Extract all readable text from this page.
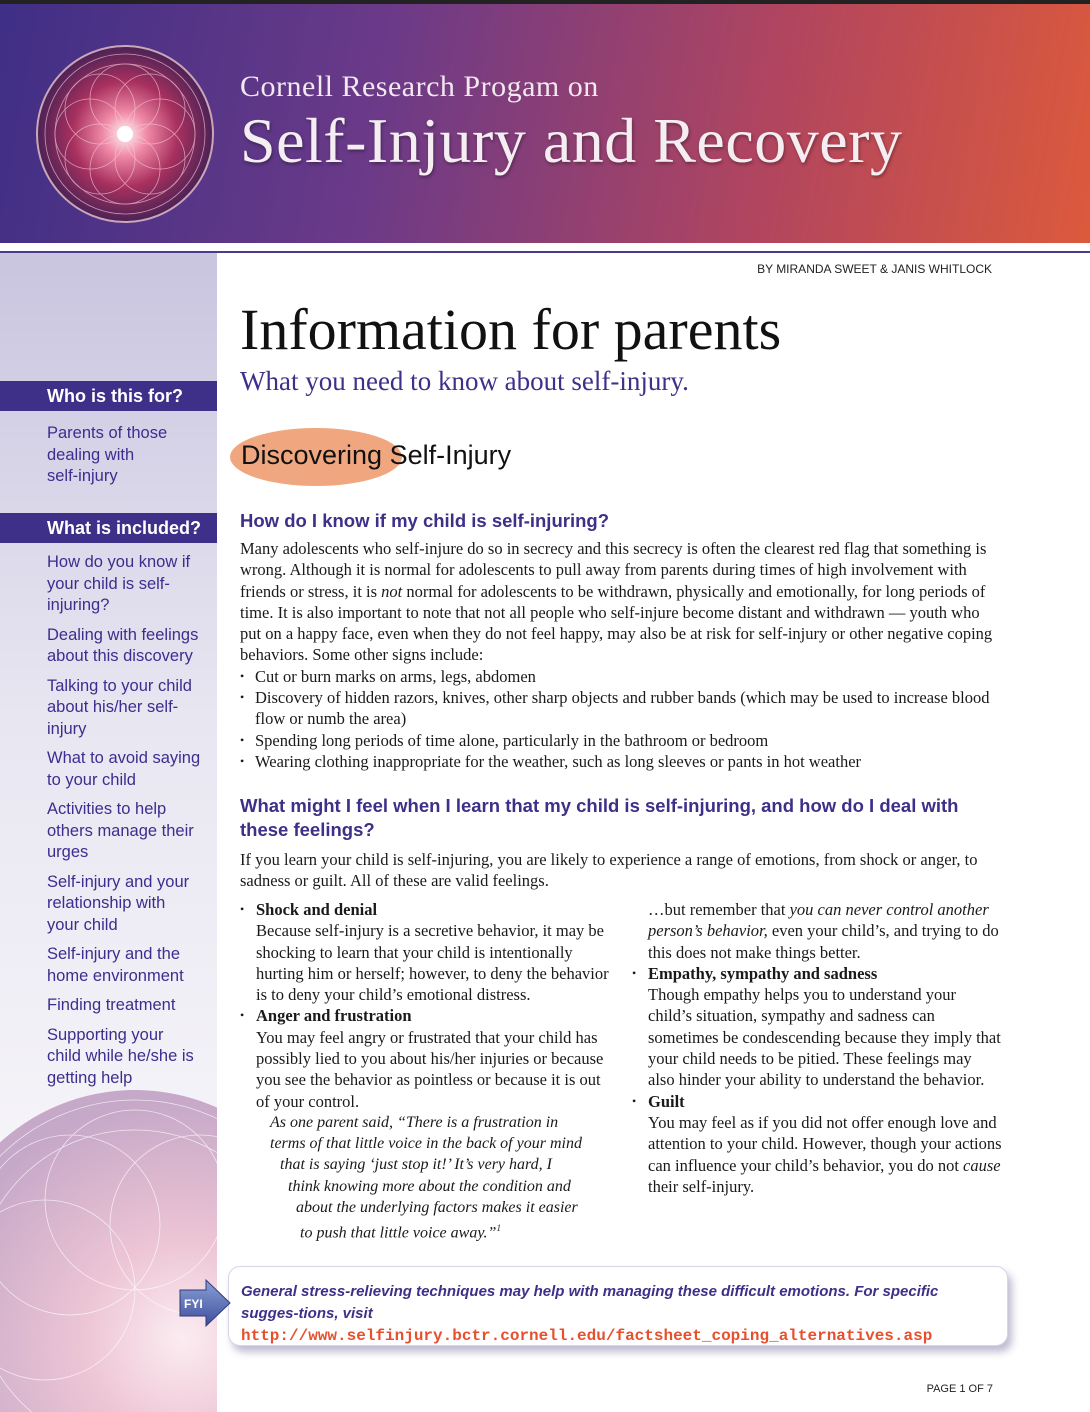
Cornell Research Progam on
Self-Injury and Recovery
Who is this for?
Parents of those
dealing with
self-injury
What is included?
How do you know if
your child is self-
injuring?
Dealing with feelings
about this discovery
Talking to your child
about his/her self-
injury
What to avoid saying
to your child
Activities to help
others manage their
urges
Self-injury and your
relationship with
your child
Self-injury and the
home environment
Finding treatment
Supporting your
child while he/she is
getting help
BY MIRANDA SWEET & JANIS WHITLOCK
Information for parents
What you need to know about self-injury.
Discovering Self-Injury
How do I know if my child is self-injuring?
Many adolescents who self-injure do so in secrecy and this secrecy is often the clearest red flag that something is wrong. Although it is normal for adolescents to pull away from parents during times of high involvement with friends or stress, it is not normal for adolescents to be withdrawn, physically and emotionally, for long periods of time. It is also important to note that not all people who self-injure become distant and withdrawn — youth who put on a happy face, even when they do not feel happy, may also be at risk for self-injury or other negative coping behaviors. Some other signs include:
• Cut or burn marks on arms, legs, abdomen
• Discovery of hidden razors, knives, other sharp objects and rubber bands (which may be used to increase blood flow or numb the area)
• Spending long periods of time alone, particularly in the bathroom or bedroom
• Wearing clothing inappropriate for the weather, such as long sleeves or pants in hot weather
What might I feel when I learn that my child is self-injuring, and how do I deal with
these feelings?
If you learn your child is self-injuring, you are likely to experience a range of emotions, from shock or anger, to sadness or guilt. All of these are valid feelings.
• Shock and denial
Because self-injury is a secretive behavior, it may be shocking to learn that your child is intentionally hurting him or herself; however, to deny the behavior is to deny your child’s emotional distress.
• Anger and frustration
You may feel angry or frustrated that your child has possibly lied to you about his/her injuries or because you see the behavior as pointless or because it is out of your control.
As one parent said, “There is a frustration in
terms of that little voice in the back of your mind
that is saying ‘just stop it!’ It’s very hard, I
think knowing more about the condition and
about the underlying factors makes it easier
to push that little voice away.”$^1$
…but remember that you can never control another person’s behavior, even your child’s, and trying to do this does not make things better.
• Empathy, sympathy and sadness
Though empathy helps you to understand your child’s situation, sympathy and sadness can sometimes be condescending because they imply that your child needs to be pitied. These feelings may also hinder your ability to understand the behavior.
• Guilt
You may feel as if you did not offer enough love and attention to your child. However, though your actions can influence your child’s behavior, you do not cause their self-injury.
FYI
General stress-relieving techniques may help with managing these difficult emotions. For specific sugges-tions, visit http://www.selfinjury.bctr.cornell.edu/factsheet_coping_alternatives.asp
PAGE 1 OF 7
